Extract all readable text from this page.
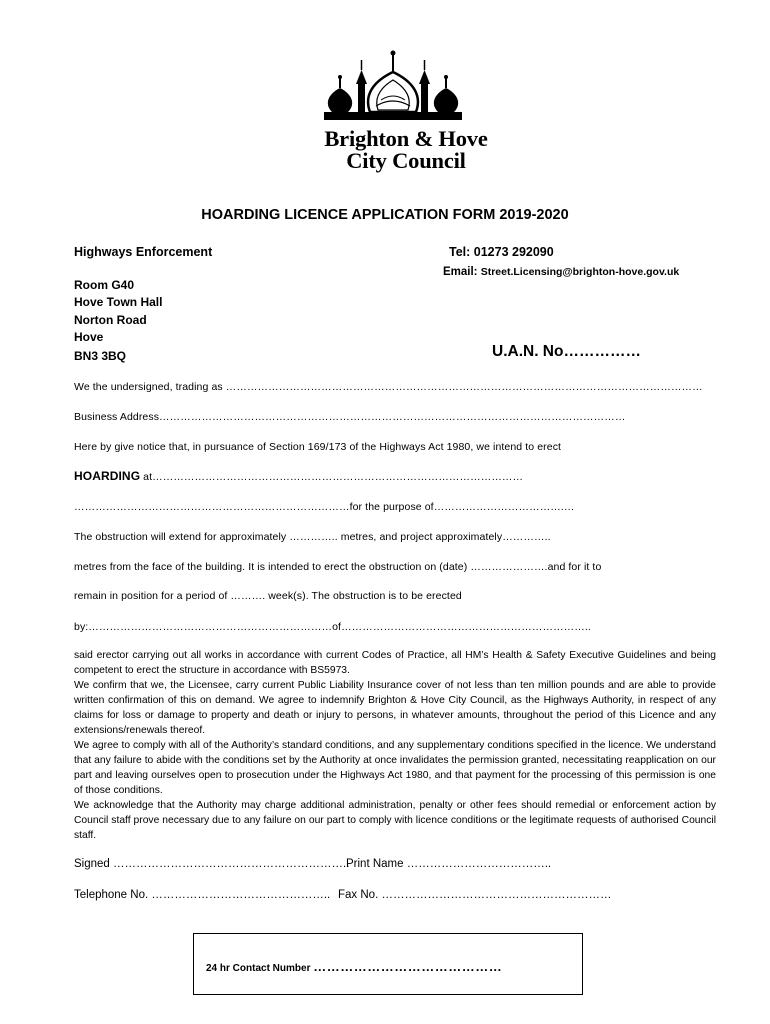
Brighton & Hove
City Council
HOARDING LICENCE APPLICATION FORM 2019-2020
Highways Enforcement	Tel: 01273 292090
Email: Street.Licensing@brighton-hove.gov.uk
Room G40
Hove Town Hall
Norton Road
Hove
BN3 3BQ	U.A.N. No……………
We the undersigned, trading as ………………………………………………………………………………………………………………………
Business Address……………………………………………………………………………………………………………………
Here by give notice that, in pursuance of Section 169/173 of the Highways Act 1980, we intend to erect
HOARDING at……………………………………………………………………………………………
……………………………………………………………………for the purpose of……………………………….…
The obstruction will extend for approximately ………….. metres, and project approximately…………..
metres from the face of the building. It is intended to erect the obstruction on (date) ………………….and for it to
remain in position for a period of ………. week(s). The obstruction is to be erected
by:……………………………………………………………of……………………………………………………………..
said erector carrying out all works in accordance with current Codes of Practice, all HM’s Health & Safety Executive Guidelines and being competent to erect the structure in accordance with BS5973.
We confirm that we, the Licensee, carry current Public Liability Insurance cover of not less than ten million pounds and are able to provide written confirmation of this on demand. We agree to indemnify Brighton & Hove City Council, as the Highways Authority, in respect of any claims for loss or damage to property and death or injury to persons, in whatever amounts, throughout the period of this Licence and any extensions/renewals thereof.
We agree to comply with all of the Authority’s standard conditions, and any supplementary conditions specified in the licence. We understand that any failure to abide with the conditions set by the Authority at once invalidates the permission granted, necessitating reapplication on our part and leaving ourselves open to prosecution under the Highways Act 1980, and that payment for the processing of this permission is one of those conditions.
We acknowledge that the Authority may charge additional administration, penalty or other fees should remedial or enforcement action by Council staff prove necessary due to any failure on our part to comply with licence conditions or the legitimate requests of authorised Council staff.
Signed ……………………………………………………..
Print Name ………………………………..
Telephone No. ……………………………………….. Fax No. ……………………………………………………
24 hr Contact Number ……………………………………
